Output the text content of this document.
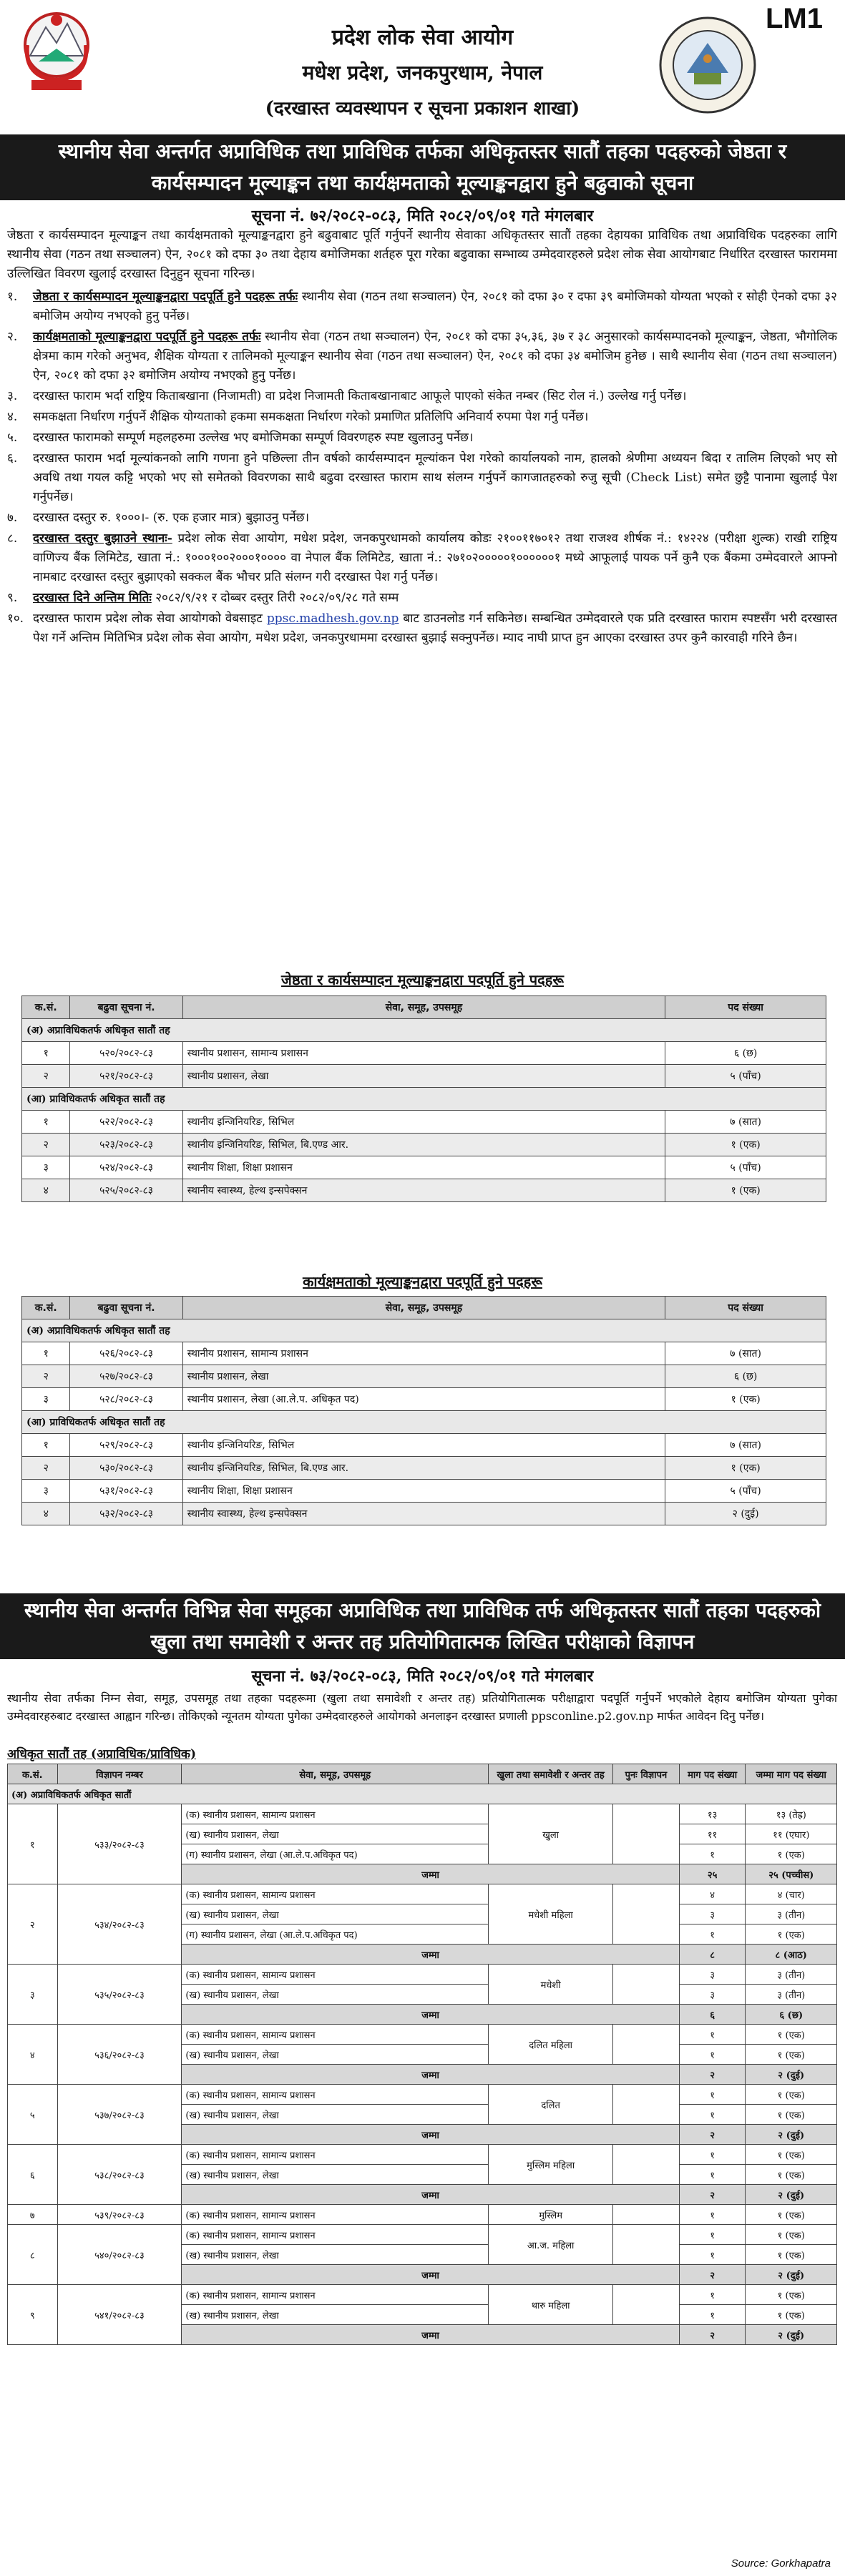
प्रदेश लोक सेवा आयोग
मधेश प्रदेश, जनकपुरधाम, नेपाल
(दरखास्त व्यवस्थापन र सूचना प्रकाशन शाखा)
LM1
स्थानीय सेवा अन्तर्गत अप्राविधिक तथा प्राविधिक तर्फका अधिकृतस्तर सातौं तहका पदहरुको जेष्ठता र
कार्यसम्पादन मूल्याङ्कन तथा कार्यक्षमताको मूल्याङ्कनद्वारा हुने बढुवाको सूचना
सूचना नं. ७२/२०८२-०८३, मिति २०८२/०९/०१ गते मंगलबार
जेष्ठता र कार्यसम्पादन मूल्याङ्कन तथा कार्यक्षमताको मूल्याङ्कनद्वारा हुने बढुवाबाट पूर्ति गर्नुपर्ने स्थानीय सेवाका अधिकृतस्तर सातौं तहका देहायका प्राविधिक तथा अप्राविधिक पदहरुका लागि स्थानीय सेवा (गठन तथा सञ्चालन) ऐन, २०८१ को दफा ३० तथा देहाय बमोजिमका शर्तहरु पूरा गरेका बढुवाका सम्भाव्य उम्मेदवारहरुले प्रदेश लोक सेवा आयोगबाट निर्धारित दरखास्त फाराममा उल्लिखित विवरण खुलाई दरखास्त दिनुहुन सूचना गरिन्छ।
१.	जेष्ठता र कार्यसम्पादन मूल्याङ्कनद्वारा पदपूर्ति हुने पदहरू तर्फः स्थानीय सेवा (गठन तथा सञ्चालन) ऐन, २०८१ को दफा ३० र दफा ३९ बमोजिमको योग्यता भएको र सोही ऐनको दफा ३२ बमोजिम अयोग्य नभएको हुनु पर्नेछ।
२.	कार्यक्षमताको मूल्याङ्कनद्वारा पदपूर्ति हुने पदहरू तर्फः स्थानीय सेवा (गठन तथा सञ्चालन) ऐन, २०८१ को दफा ३५,३६, ३७ र ३८ अनुसारको कार्यसम्पादनको मूल्याङ्कन, जेष्ठता, भौगोलिक क्षेत्रमा काम गरेको अनुभव, शैक्षिक योग्यता र तालिमको मूल्याङ्कन स्थानीय सेवा (गठन तथा सञ्चालन) ऐन, २०८१ को दफा ३४ बमोजिम हुनेछ । साथै स्थानीय सेवा (गठन तथा सञ्चालन) ऐन, २०८१ को दफा ३२ बमोजिम अयोग्य नभएको हुनु पर्नेछ।
३.	दरखास्त फाराम भर्दा राष्ट्रिय किताबखाना (निजामती) वा प्रदेश निजामती किताबखानाबाट आफूले पाएको संकेत नम्बर (सिट रोल नं.) उल्लेख गर्नु पर्नेछ।
४.	समकक्षता निर्धारण गर्नुपर्ने शैक्षिक योग्यताको हकमा समकक्षता निर्धारण गरेको प्रमाणित प्रतिलिपि अनिवार्य रुपमा पेश गर्नु पर्नेछ।
५.	दरखास्त फारामको सम्पूर्ण महलहरुमा उल्लेख भए बमोजिमका सम्पूर्ण विवरणहरु स्पष्ट खुलाउनु पर्नेछ।
६.	दरखास्त फाराम भर्दा मूल्यांकनको लागि गणना हुने पछिल्ला तीन वर्षको कार्यसम्पादन मूल्यांकन पेश गरेको कार्यालयको नाम, हालको श्रेणीमा अध्ययन बिदा र तालिम लिएको भए सो अवधि तथा गयल कट्टि भएको भए सो समेतको विवरणका साथै बढुवा दरखास्त फाराम साथ संलग्न गर्नुपर्ने कागजातहरुको रुजु सूची (Check List) समेत छुट्टै पानामा खुलाई पेश गर्नुपर्नेछ।
७.	दरखास्त दस्तुर रु. १०००।- (रु. एक हजार मात्र) बुझाउनु पर्नेछ।
८.	दरखास्त दस्तुर बुझाउने स्थानः- प्रदेश लोक सेवा आयोग, मधेश प्रदेश, जनकपुरधामको कार्यालय कोडः २१००११७०१२ तथा राजश्व शीर्षक नं.: १४२२४ (परीक्षा शुल्क) राखी राष्ट्रिय वाणिज्य बैंक लिमिटेड, खाता नं.: १०००१००२०००१०००० वा नेपाल बैंक लिमिटेड, खाता नं.: २७१०२०००००१००००००१ मध्ये आफूलाई पायक पर्ने कुनै एक बैंकमा उम्मेदवारले आफ्नो नामबाट दरखास्त दस्तुर बुझाएको सक्कल बैंक भौचर प्रति संलग्न गरी दरखास्त पेश गर्नु पर्नेछ।
९.	दरखास्त दिने अन्तिम मितिः २०८२/९/२१ र दोब्बर दस्तुर तिरी २०८२/०९/२८ गते सम्म
१०. दरखास्त फाराम प्रदेश लोक सेवा आयोगको वेबसाइट ppsc.madhesh.gov.np बाट डाउनलोड गर्न सकिनेछ। सम्बन्धित उम्मेदवारले एक प्रति दरखास्त फाराम स्पष्टसँग भरी दरखास्त पेश गर्ने अन्तिम मितिभित्र प्रदेश लोक सेवा आयोग, मधेश प्रदेश, जनकपुरधाममा दरखास्त बुझाई सक्नुपर्नेछ। म्याद नाघी प्राप्त हुन आएका दरखास्त उपर कुनै कारवाही गरिने छैन।
जेष्ठता र कार्यसम्पादन मूल्याङ्कनद्वारा पदपूर्ति हुने पदहरू
क.सं.	बढुवा सूचना नं.	सेवा, समूह, उपसमूह	पद संख्या
(अ) अप्राविधिकतर्फ अधिकृत सातौं तह			
१	५२०/२०८२-८३	स्थानीय प्रशासन, सामान्य प्रशासन	६ (छ)
२	५२१/२०८२-८३	स्थानीय प्रशासन, लेखा	५ (पाँच)
(आ) प्राविधिकतर्फ अधिकृत सातौं तह			
१	५२२/२०८२-८३	स्थानीय इन्जिनियरिङ, सिभिल	७ (सात)
२	५२३/२०८२-८३	स्थानीय इन्जिनियरिङ, सिभिल, बि.एण्ड आर.	१ (एक)
३	५२४/२०८२-८३	स्थानीय शिक्षा, शिक्षा प्रशासन	५ (पाँच)
४	५२५/२०८२-८३	स्थानीय स्वास्थ्य, हेल्थ इन्सपेक्सन	१ (एक)
कार्यक्षमताको मूल्याङ्कनद्वारा पदपूर्ति हुने पदहरू
क.सं.	बढुवा सूचना नं.	सेवा, समूह, उपसमूह	पद संख्या
(अ) अप्राविधिकतर्फ अधिकृत सातौं तह			
१	५२६/२०८२-८३	स्थानीय प्रशासन, सामान्य प्रशासन	७ (सात)
२	५२७/२०८२-८३	स्थानीय प्रशासन, लेखा	६ (छ)
३	५२८/२०८२-८३	स्थानीय प्रशासन, लेखा (आ.ले.प. अधिकृत पद)	१ (एक)
(आ) प्राविधिकतर्फ अधिकृत सातौं तह			
१	५२९/२०८२-८३	स्थानीय इन्जिनियरिङ, सिभिल	७ (सात)
२	५३०/२०८२-८३	स्थानीय इन्जिनियरिङ, सिभिल, बि.एण्ड आर.	१ (एक)
३	५३१/२०८२-८३	स्थानीय शिक्षा, शिक्षा प्रशासन	५ (पाँच)
४	५३२/२०८२-८३	स्थानीय स्वास्थ्य, हेल्थ इन्सपेक्सन	२ (दुई)
स्थानीय सेवा अन्तर्गत विभिन्न सेवा समूहका अप्राविधिक तथा प्राविधिक तर्फ अधिकृतस्तर सातौं तहका पदहरुको
खुला तथा समावेशी र अन्तर तह प्रतियोगितात्मक लिखित परीक्षाको विज्ञापन
सूचना नं. ७३/२०८२-०८३, मिति २०८२/०९/०१ गते मंगलबार
स्थानीय सेवा तर्फका निम्न सेवा, समूह, उपसमूह तथा तहका पदहरूमा (खुला तथा समावेशी र अन्तर तह) प्रतियोगितात्मक परीक्षाद्वारा पदपूर्ति गर्नुपर्ने भएकोले देहाय बमोजिम योग्यता पुगेका उम्मेदवारहरुबाट दरखास्त आह्वान गरिन्छ। तोकिएको न्यूनतम योग्यता पुगेका उम्मेदवारहरुले आयोगको अनलाइन दरखास्त प्रणाली ppsconline.p2.gov.np मार्फत आवेदन दिनु पर्नेछ।
अधिकृत सातौं तह (अप्राविधिक/प्राविधिक)
क.सं.	विज्ञापन नम्बर	सेवा, समूह, उपसमूह	खुला तथा समावेशी र अन्तर तह	पुनः विज्ञापन	माग पद संख्या	जम्मा माग पद संख्या
(अ) अप्राविधिकतर्फ अधिकृत सातौं						
१	५३३/२०८२-८३	(क) स्थानीय प्रशासन, सामान्य प्रशासन	खुला		१३	१३ (तेह्र)
		(ख) स्थानीय प्रशासन, लेखा			११	११ (एघार)
		(ग) स्थानीय प्रशासन, लेखा (आ.ले.प.अधिकृत पद)			१	१ (एक)
		जम्मा			२५	२५ (पच्चीस)
२	५३४/२०८२-८३	(क) स्थानीय प्रशासन, सामान्य प्रशासन	मधेशी महिला		४	४ (चार)
		(ख) स्थानीय प्रशासन, लेखा			३	३ (तीन)
		(ग) स्थानीय प्रशासन, लेखा (आ.ले.प.अधिकृत पद)			१	१ (एक)
		जम्मा			८	८ (आठ)
३	५३५/२०८२-८३	(क) स्थानीय प्रशासन, सामान्य प्रशासन	मधेशी		३	३ (तीन)
		(ख) स्थानीय प्रशासन, लेखा			३	३ (तीन)
		जम्मा			६	६ (छ)
४	५३६/२०८२-८३	(क) स्थानीय प्रशासन, सामान्य प्रशासन	दलित महिला		१	१ (एक)
		(ख) स्थानीय प्रशासन, लेखा			१	१ (एक)
		जम्मा			२	२ (दुई)
५	५३७/२०८२-८३	(क) स्थानीय प्रशासन, सामान्य प्रशासन	दलित		१	१ (एक)
		(ख) स्थानीय प्रशासन, लेखा			१	१ (एक)
		जम्मा			२	२ (दुई)
६	५३८/२०८२-८३	(क) स्थानीय प्रशासन, सामान्य प्रशासन	मुस्लिम महिला		१	१ (एक)
		(ख) स्थानीय प्रशासन, लेखा			१	१ (एक)
		जम्मा			२	२ (दुई)
७	५३९/२०८२-८३	(क) स्थानीय प्रशासन, सामान्य प्रशासन	मुस्लिम		१	१ (एक)
८	५४०/२०८२-८३	(क) स्थानीय प्रशासन, सामान्य प्रशासन	आ.ज. महिला		१	१ (एक)
		(ख) स्थानीय प्रशासन, लेखा			१	१ (एक)
		जम्मा			२	२ (दुई)
९	५४१/२०८२-८३	(क) स्थानीय प्रशासन, सामान्य प्रशासन	थारु महिला		१	१ (एक)
		(ख) स्थानीय प्रशासन, लेखा			१	१ (एक)
		जम्मा			२	२ (दुई)
Source: Gorkhapatra
